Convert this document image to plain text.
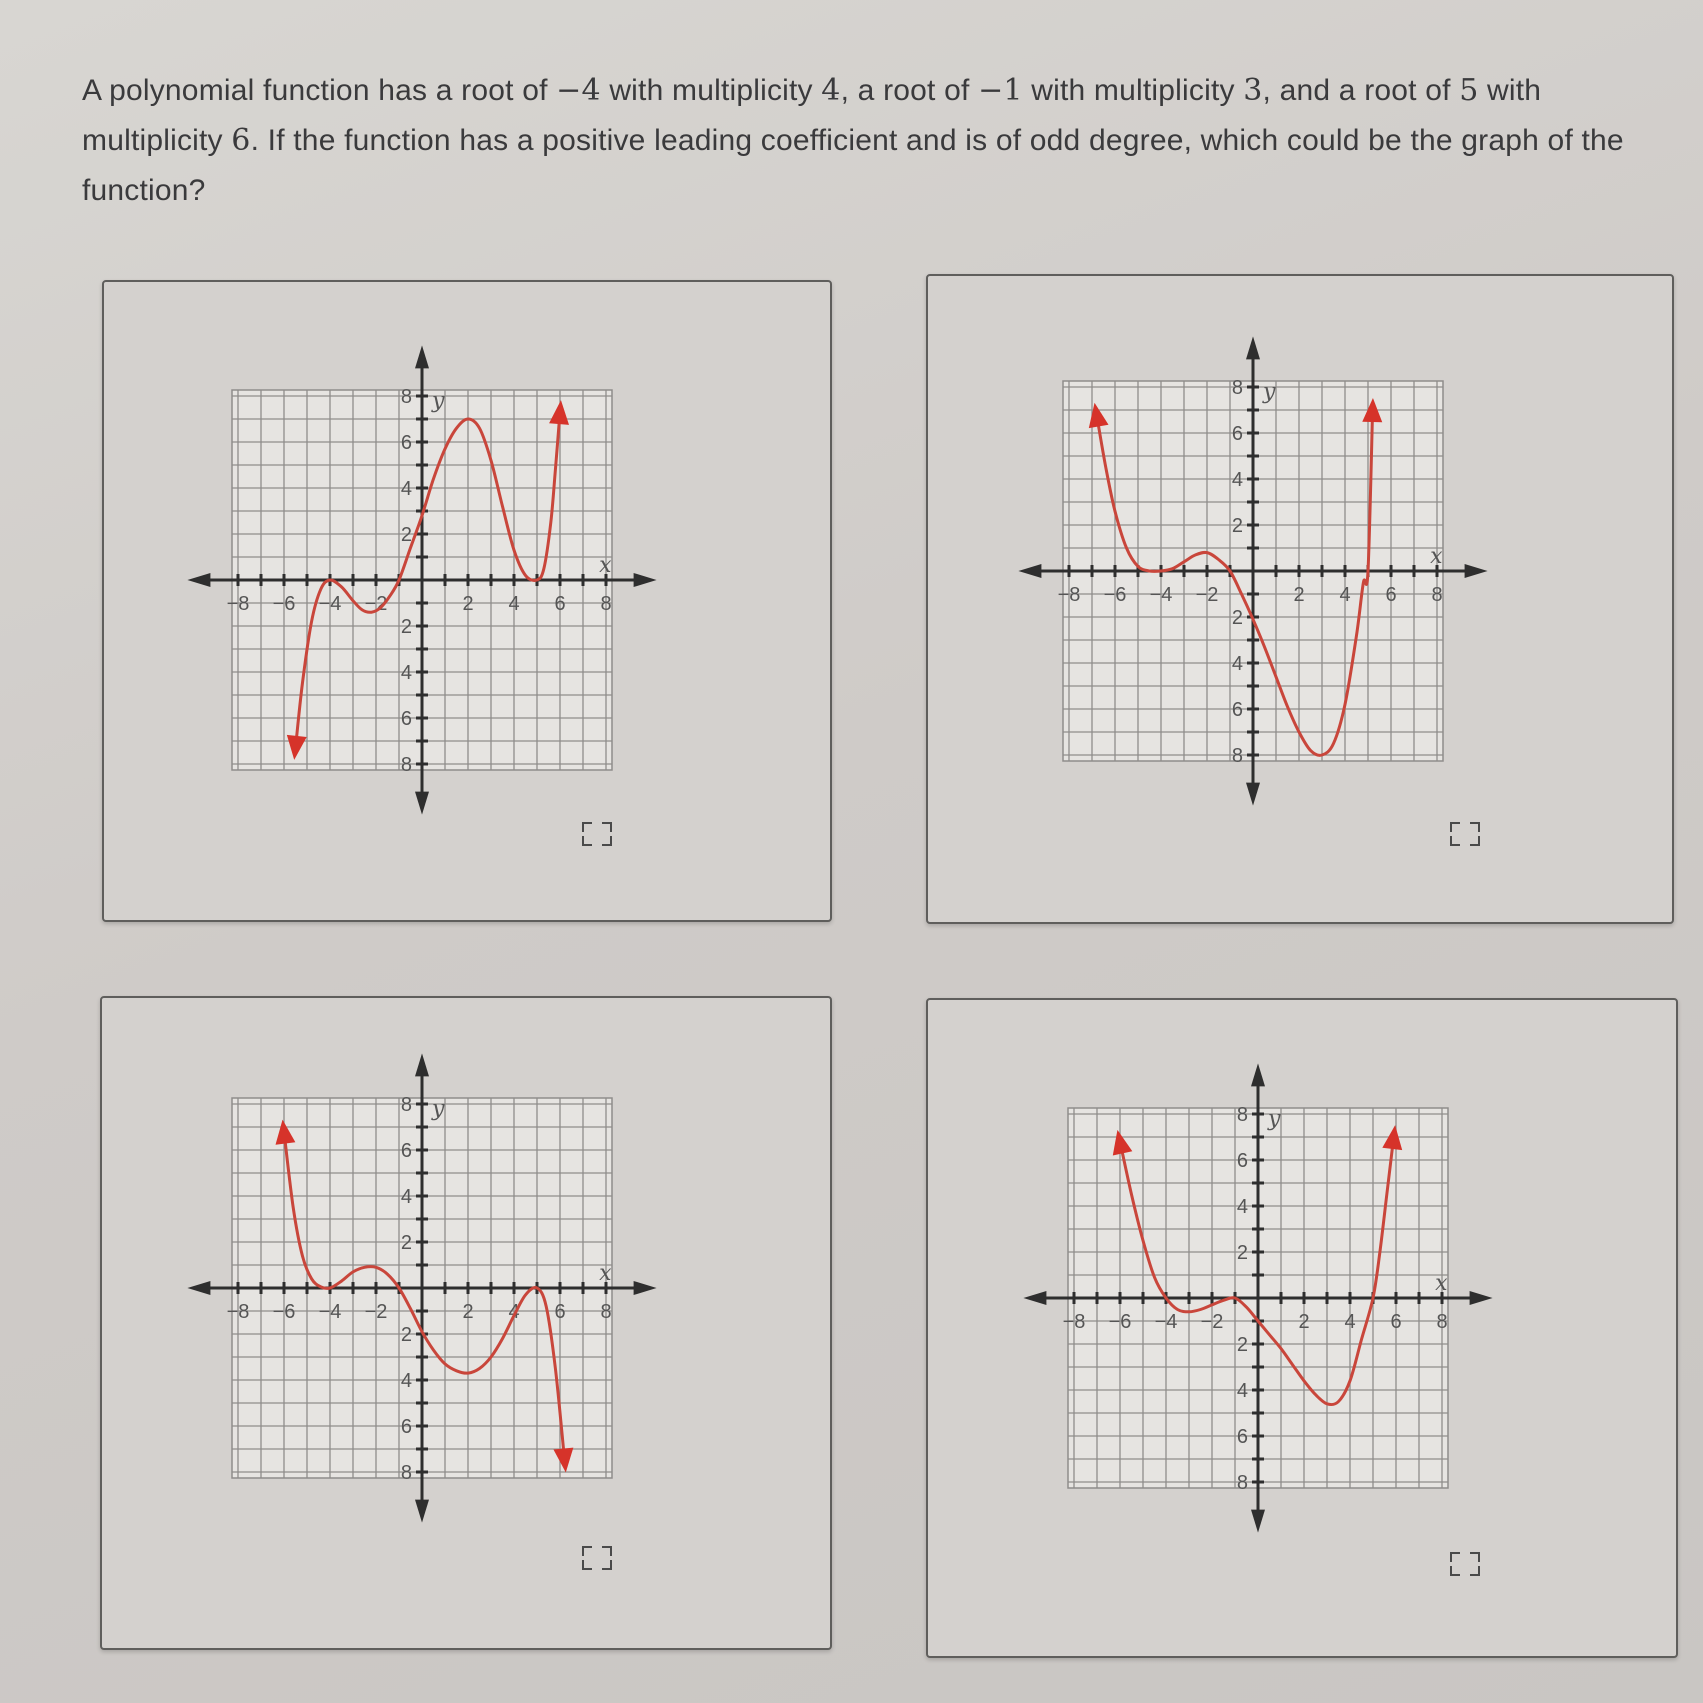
A polynomial function has a root of −4 with multiplicity 4, a root of −1 with multiplicity 3, and a root of 5 with multiplicity 6. If the function has a positive leading coefficient and is of odd degree, which could be the graph of the function?
−8 −6 −4 −2	2 4 6 8
8
6
4
2
2
4
6
8
x
y
−8 −6 −4 −2	2 4 6 8
8
6
4
2
2
4
6
8
x
y
−8 −6 −4 −2	2 4 6 8
8
6
4
2
2
4
6
8
x
y
−8 −6 −4 −2	2 4 6 8
8
6
4
2
2
4
6
8
x
y
